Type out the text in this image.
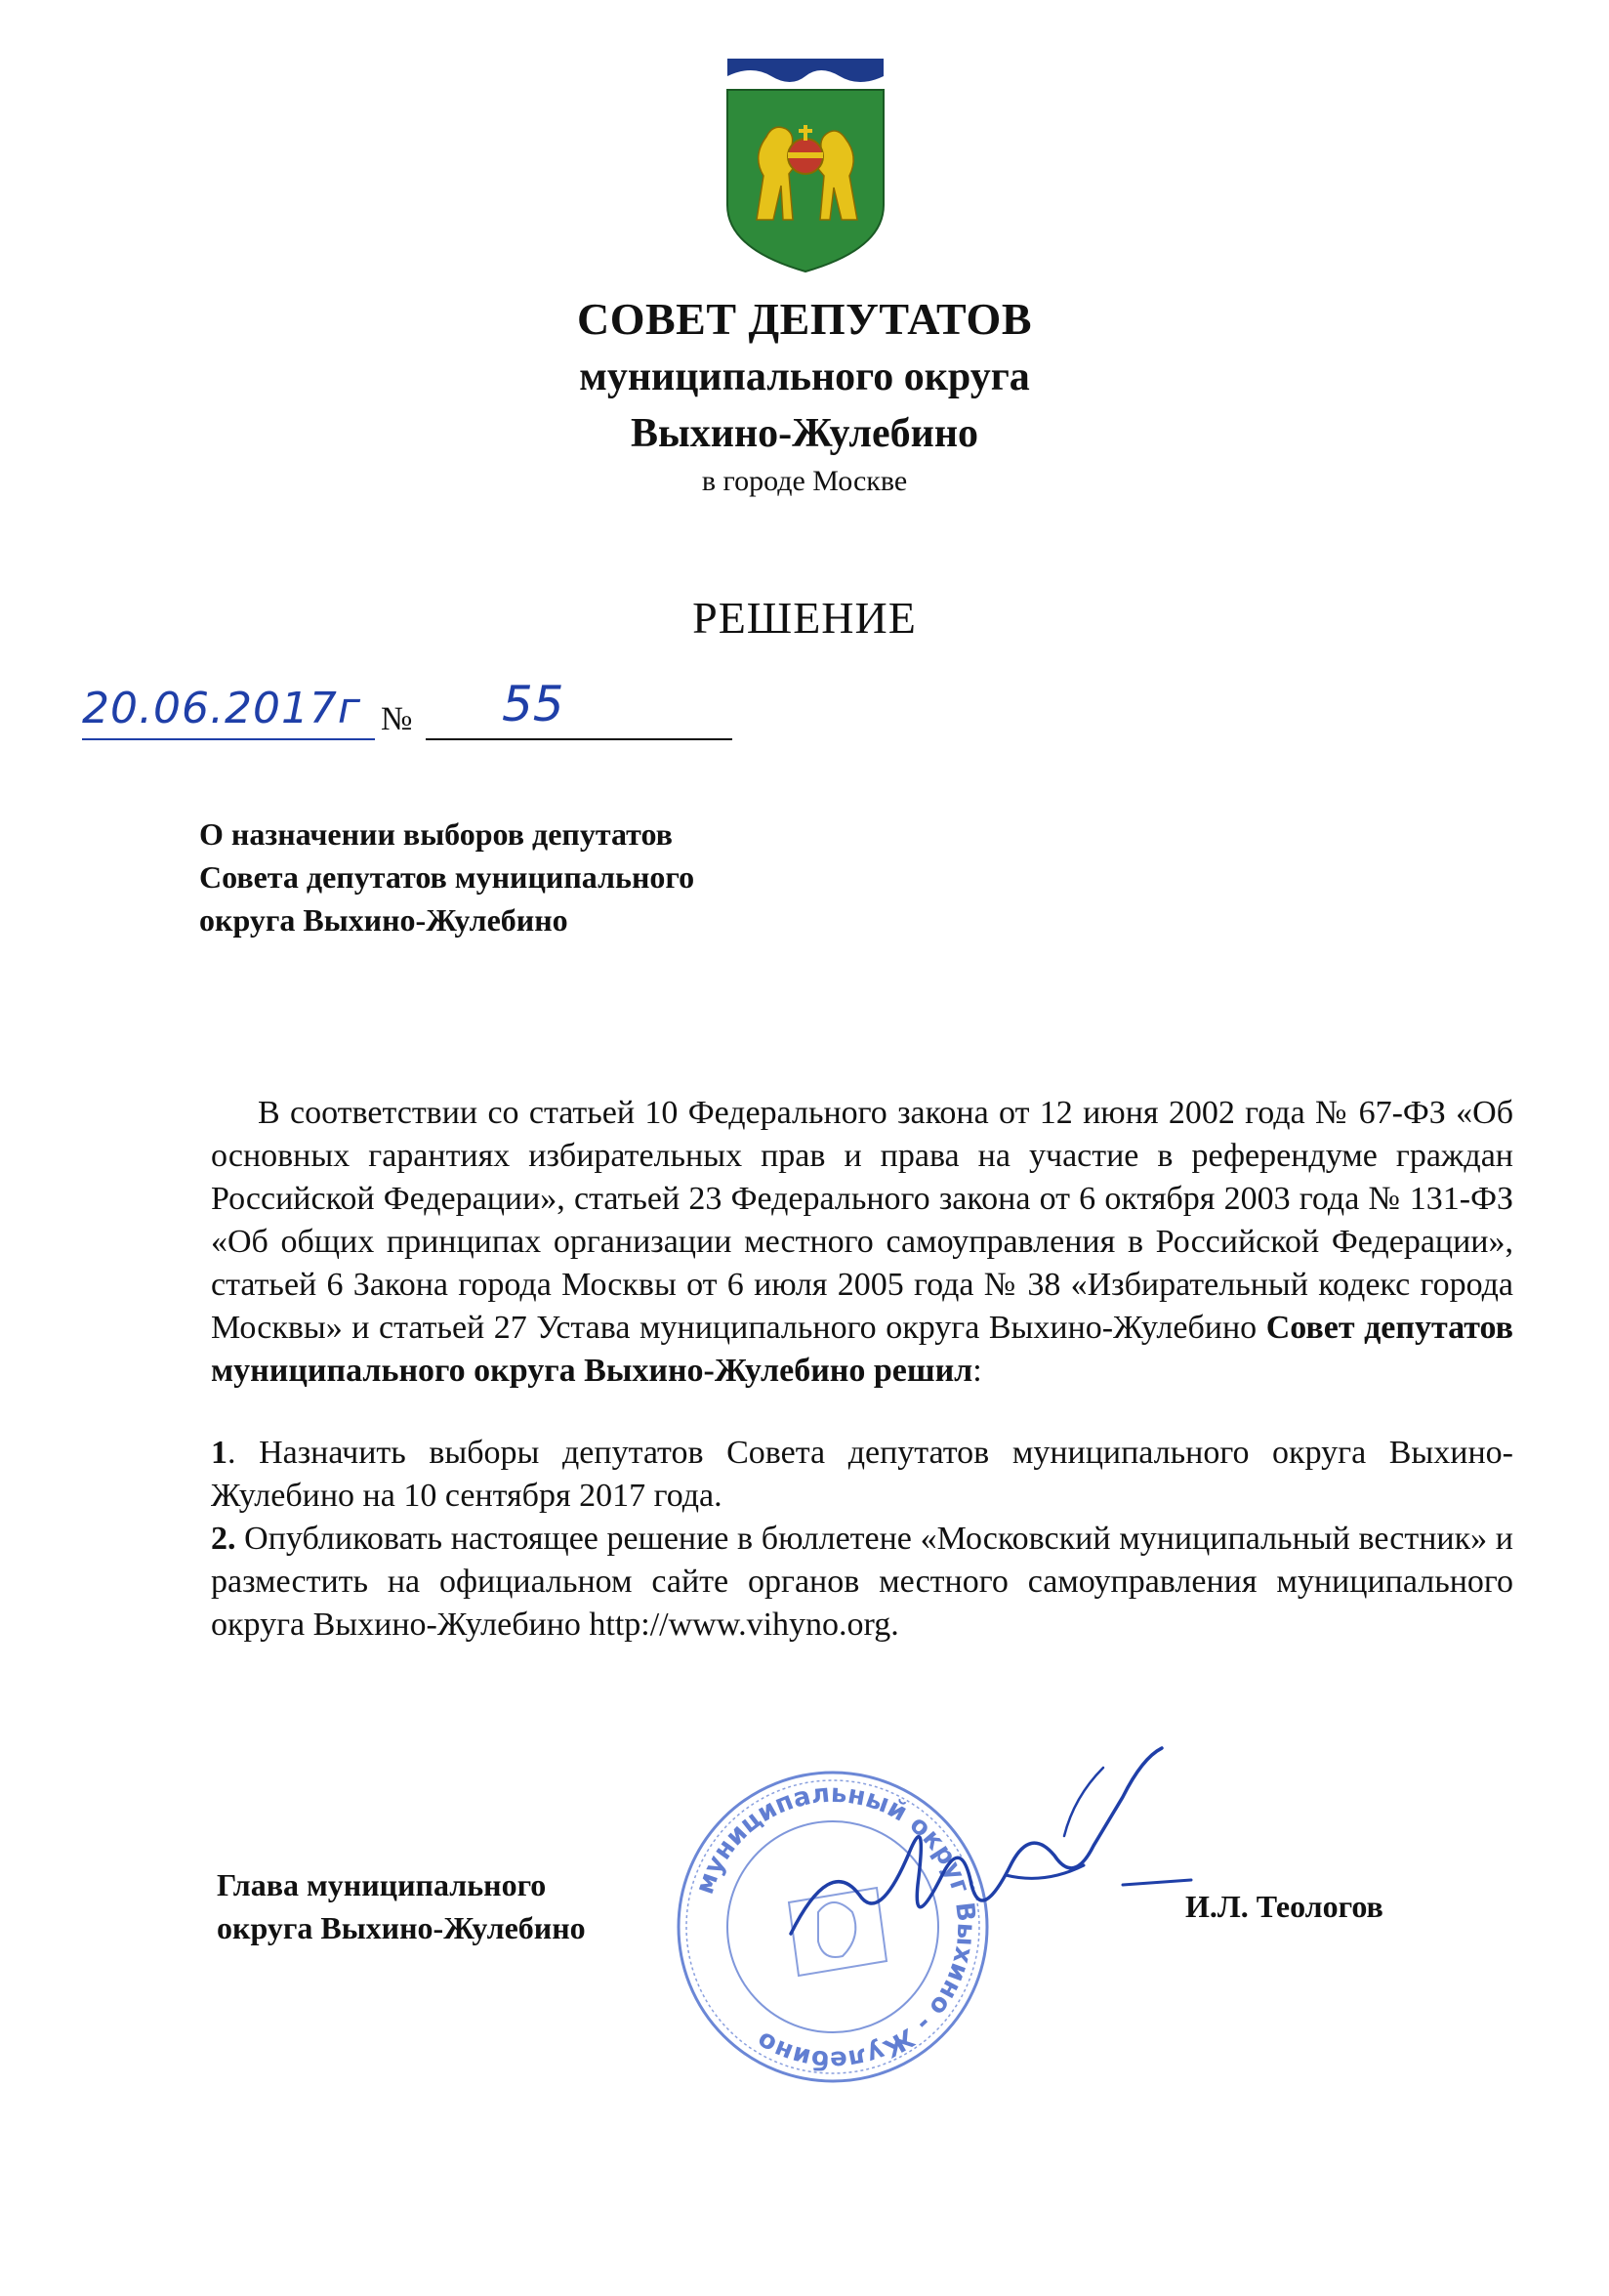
СОВЕТ ДЕПУТАТОВ
муниципального округа
Выхино-Жулебино
в городе Москве
РЕШЕНИЕ
20.06.2017г № 55

О назначении выборов депутатов

Совета депутатов муниципального

округа Выхино-Жулебино

В соответствии со статьей 10 Федерального закона от 12 июня 2002 года № 67-ФЗ «Об основных гарантиях избирательных прав и права на участие в референдуме граждан Российской Федерации», статьей 23 Федерального закона от 6 октября 2003 года № 131-ФЗ «Об общих принципах организации местного самоуправления в Российской Федерации», статьей 6 Закона города Москвы от 6 июля 2005 года № 38 «Избирательный кодекс города Москвы» и статьей 27 Устава муниципального округа Выхино-Жулебино Совет депутатов муниципального округа Выхино-Жулебино решил:

1. Назначить выборы депутатов Совета депутатов муниципального округа Выхино-Жулебино на 10 сентября 2017 года.

2. Опубликовать настоящее решение в бюллетене «Московский муниципальный вестник» и разместить на официальном сайте органов местного самоуправления муниципального округа Выхино-Жулебино http://www.vihyno.org.

муниципальный округ Выхино - Жулебино

Глава муниципального

округа Выхино-Жулебино

И.Л. Теологов
